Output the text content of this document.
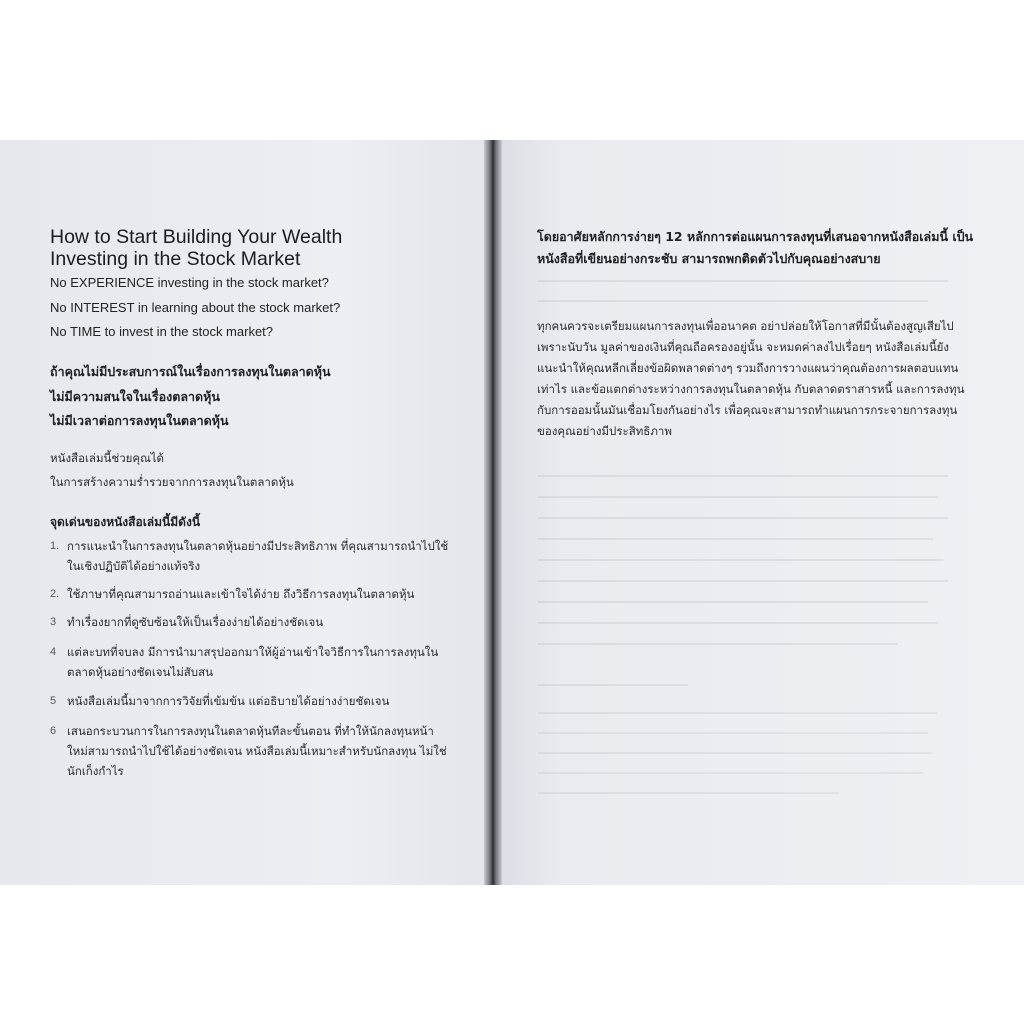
How to Start Building Your Wealth
Investing in the Stock Market
No EXPERIENCE investing in the stock market?
No INTEREST in learning about the stock market?
No TIME to invest in the stock market?
ถ้าคุณไม่มีประสบการณ์ในเรื่องการลงทุนในตลาดหุ้น
ไม่มีความสนใจในเรื่องตลาดหุ้น
ไม่มีเวลาต่อการลงทุนในตลาดหุ้น
หนังสือเล่มนี้ช่วยคุณได้
ในการสร้างความร่ำรวยจากการลงทุนในตลาดหุ้น
จุดเด่นของหนังสือเล่มนี้มีดังนี้
1. การแนะนำในการลงทุนในตลาดหุ้นอย่างมีประสิทธิภาพ ที่คุณสามารถนำไปใช้ในเชิงปฏิบัติได้อย่างแท้จริง
2. ใช้ภาษาที่คุณสามารถอ่านและเข้าใจได้ง่าย ถึงวิธีการลงทุนในตลาดหุ้น
3 ทำเรื่องยากที่ดูซับซ้อนให้เป็นเรื่องง่ายได้อย่างชัดเจน
4 แต่ละบทที่จบลง มีการนำมาสรุปออกมาให้ผู้อ่านเข้าใจวิธีการในการลงทุนในตลาดหุ้นอย่างชัดเจนไม่สับสน
5 หนังสือเล่มนี้มาจากการวิจัยที่เข้มข้น แต่อธิบายได้อย่างง่ายชัดเจน
6 เสนอกระบวนการในการลงทุนในตลาดหุ้นทีละขั้นตอน ที่ทำให้นักลงทุนหน้าใหม่สามารถนำไปใช้ได้อย่างชัดเจน หนังสือเล่มนี้เหมาะสำหรับนักลงทุน ไม่ใช่นักเก็งกำไร
โดยอาศัยหลักการง่ายๆ 12 หลักการต่อแผนการลงทุนที่เสนอจากหนังสือเล่มนี้ เป็นหนังสือที่เขียนอย่างกระชับ สามารถพกติดตัวไปกับคุณอย่างสบาย
ทุกคนควรจะเตรียมแผนการลงทุนเพื่ออนาคต อย่าปล่อยให้โอกาสที่มีนั้นต้องสูญเสียไป เพราะนับวัน มูลค่าของเงินที่คุณถือครองอยู่นั้น จะหมดค่าลงไปเรื่อยๆ หนังสือเล่มนี้ยังแนะนำให้คุณหลีกเลี่ยงข้อผิดพลาดต่างๆ รวมถึงการวางแผนว่าคุณต้องการผลตอบแทนเท่าไร และข้อแตกต่างระหว่างการลงทุนในตลาดหุ้น กับตลาดตราสารหนี้ และการลงทุน กับการออมนั้นมันเชื่อมโยงกันอย่างไร เพื่อคุณจะสามารถทำแผนการกระจายการลงทุนของคุณอย่างมีประสิทธิภาพ
